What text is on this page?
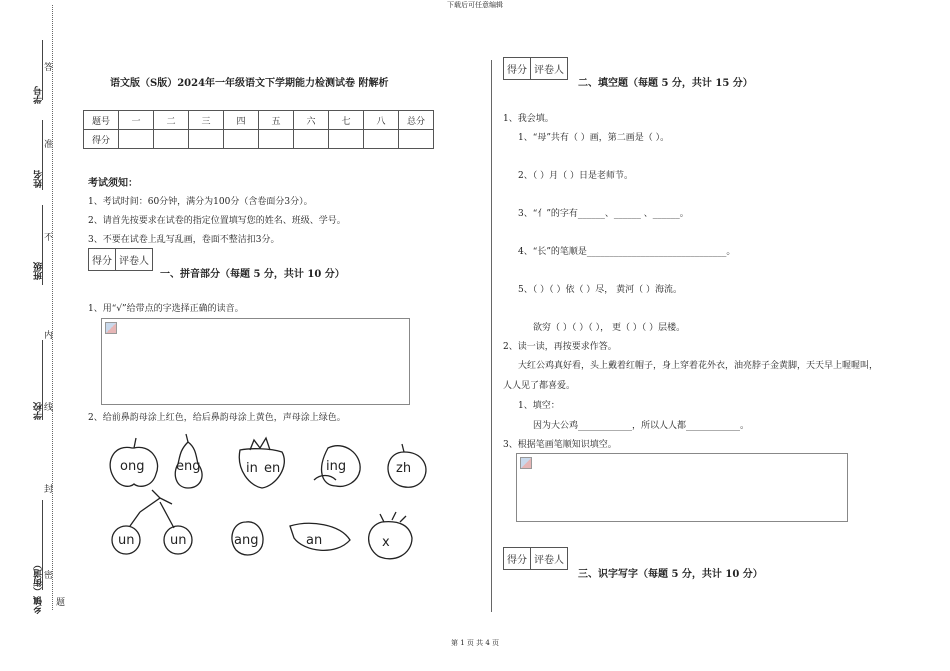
下载后可任意编辑
第 1 页 共 4 页
学号
姓名
班级
学校
乡镇（街道）
答
准
不
内
线
封
密
题
语文版（S版）2024年一年级语文下学期能力检测试卷 附解析
题号	一	二	三	四	五	六	七	八	总分
得分									
考试须知：
1、考试时间：60分钟，满分为100分（含卷面分3分）。
2、请首先按要求在试卷的指定位置填写您的姓名、班级、学号。
3、不要在试卷上乱写乱画，卷面不整洁扣3分。
得分 评卷人
一、拼音部分（每题 5 分，共计 10 分）
1、用“√”给带点的字选择正确的读音。
2、给前鼻韵母涂上红色，给后鼻韵母涂上黄色，声母涂上绿色。
ong eng	in en	ing	zh
un	un	ang	an	x
得分 评卷人
二、填空题（每题 5 分，共计 15 分）
1、我会填。
1、“母”共有（ ）画，第二画是（ ）。
2、（ ）月（ ）日是老师节。
3、“亻”的字有______、______ 、______。
4、“长”的笔顺是_______________________________。
5、（ ）（ ）依（ ）尽， 黄河（ ）海流。
欲穷（ ）（ ）（ ）， 更（ ）（ ）层楼。
2、读一读，再按要求作答。
大红公鸡真好看，头上戴着红帽子，身上穿着花外衣，油亮脖子金黄脚，天天早上喔喔叫，
人人见了都喜爱。
1、填空：
因为大公鸡____________，所以人人都____________。
3、根据笔画笔顺知识填空。
得分 评卷人
三、识字写字（每题 5 分，共计 10 分）
